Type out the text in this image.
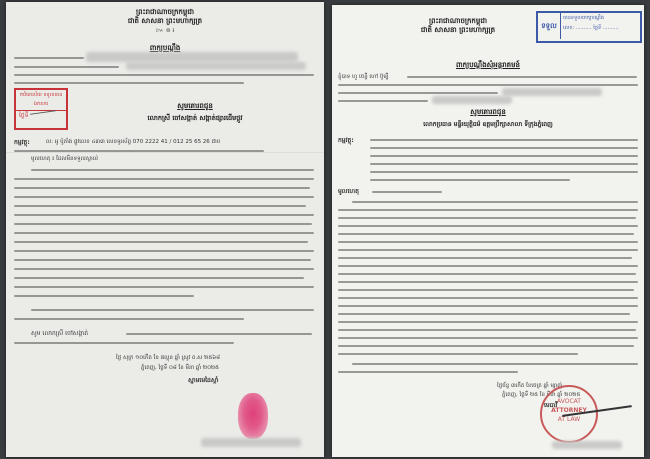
ព្រះរាជាណាចក្រកម្ពុជា
ជាតិ សាសនា ព្រះមហាក្សត្រ
៚ ៙ ៛
ពាក្យបណ្តឹង
ការិយាល័យ ទទួលបានឯកសារ
ថ្ងៃទី
សូមគោរពជូន
លោកស្រី ចៅសង្កាត់ សង្កាត់ផ្សារដើមថ្កូវ
កម្មវត្ថុ:	ល: អូ ប៉ូតាំង ផ្លូវលេខ ៤៣៣ លេខទូរស័ព្ទ 070 2222 41 / 012 25 65 26 ជាប
មូលហេតុ ៖ ដែលមិនទទួលស្គាល់
សូម លោកស្រី ចៅសង្កាត់
ថ្ងៃ សុក្រ ១០កើត ខែ ផល្គុន ឆ្នាំ ស្រូវ ព.ស ២៥៦៨
ភ្នំពេញ, ថ្ងៃទី ០៨ ខែ មីនា ឆ្នាំ ២០២៥
ស្នាមមេដៃស្តាំ
ទទួល
បានទទួលពាក្យបណ្តឹង
លេខ: .......... ថ្ងៃទី ..........
ព្រះរាជាណាចក្រកម្ពុជា
ជាតិ សាសនា ព្រះមហាក្សត្រ
ពាក្យបណ្តឹងសុំអន្តរាគមន៍
ខ្ញុំបាទ ហួ ចេន្ទី ហៅ ប៊ូម្បី
សូមគោរពជូន
លោកប្រធាន មន្ទីរយុត្តិធម៌ ឧត្តមប្រឹក្សាសាលា ទីក្រុងភ្នំពេញ
កម្មវត្ថុ:
មូលហេតុ
ថ្ងៃច័ន្ទ ៣កើត ខែចេត្រ ឆ្នាំ ម្សាញ់
ភ្នំពេញ, ថ្ងៃទី ២៥ ខែ មីនា ឆ្នាំ ២០២៥
មេធាវី
AVOCAT
ATTORNEY
AT LAW
